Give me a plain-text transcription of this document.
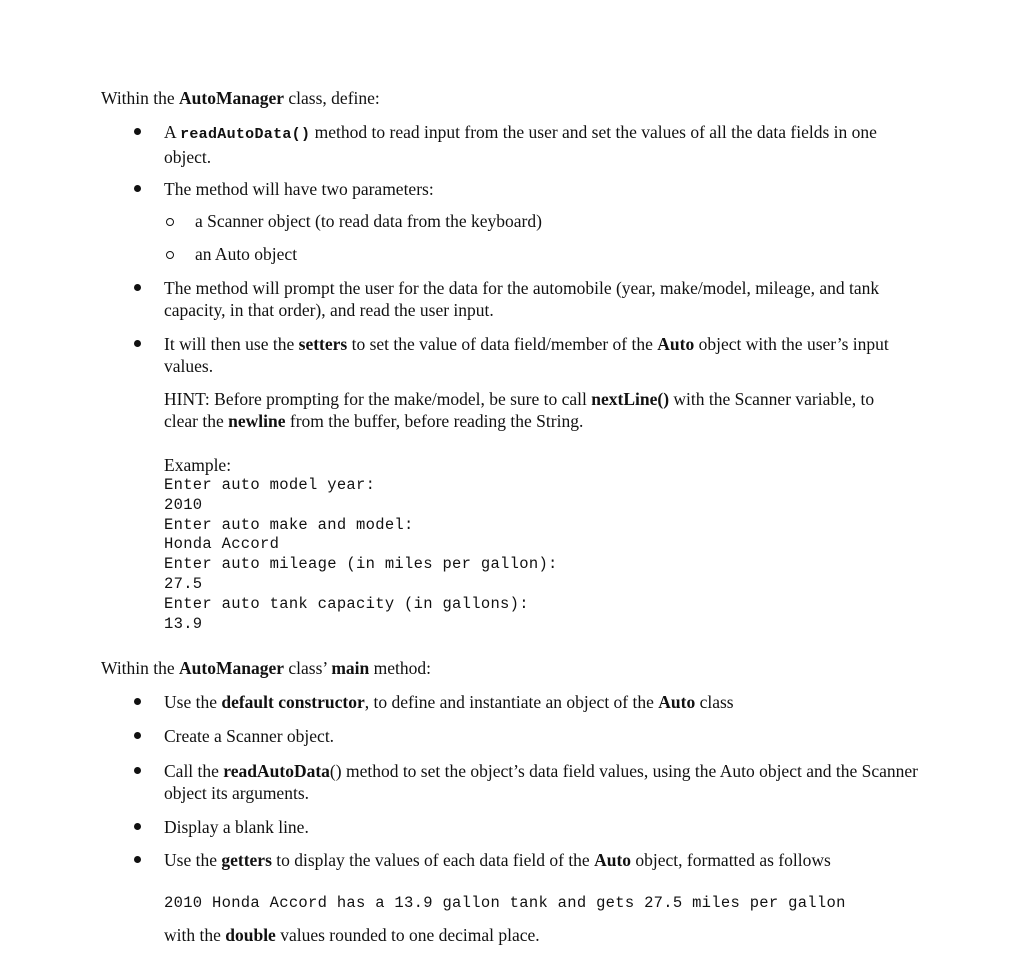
Within the AutoManager class, define:
A readAutoData() method to read input from the user and set the values of all the data fields in one object.
The method will have two parameters:
a Scanner object (to read data from the keyboard)
an Auto object
The method will prompt the user for the data for the automobile (year, make/model, mileage, and tank capacity, in that order), and read the user input.
It will then use the setters to set the value of data field/member of the Auto object with the user’s input values.
HINT: Before prompting for the make/model, be sure to call nextLine() with the Scanner variable, to clear the newline from the buffer, before reading the String.
Example:
Enter auto model year:
2010
Enter auto make and model:
Honda Accord
Enter auto mileage (in miles per gallon):
27.5
Enter auto tank capacity (in gallons):
13.9
Within the AutoManager class’ main method:
Use the default constructor, to define and instantiate an object of the Auto class
Create a Scanner object.
Call the readAutoData() method to set the object’s data field values, using the Auto object and the Scanner object its arguments.
Display a blank line.
Use the getters to display the values of each data field of the Auto object, formatted as follows
2010 Honda Accord has a 13.9 gallon tank and gets 27.5 miles per gallon
with the double values rounded to one decimal place.
